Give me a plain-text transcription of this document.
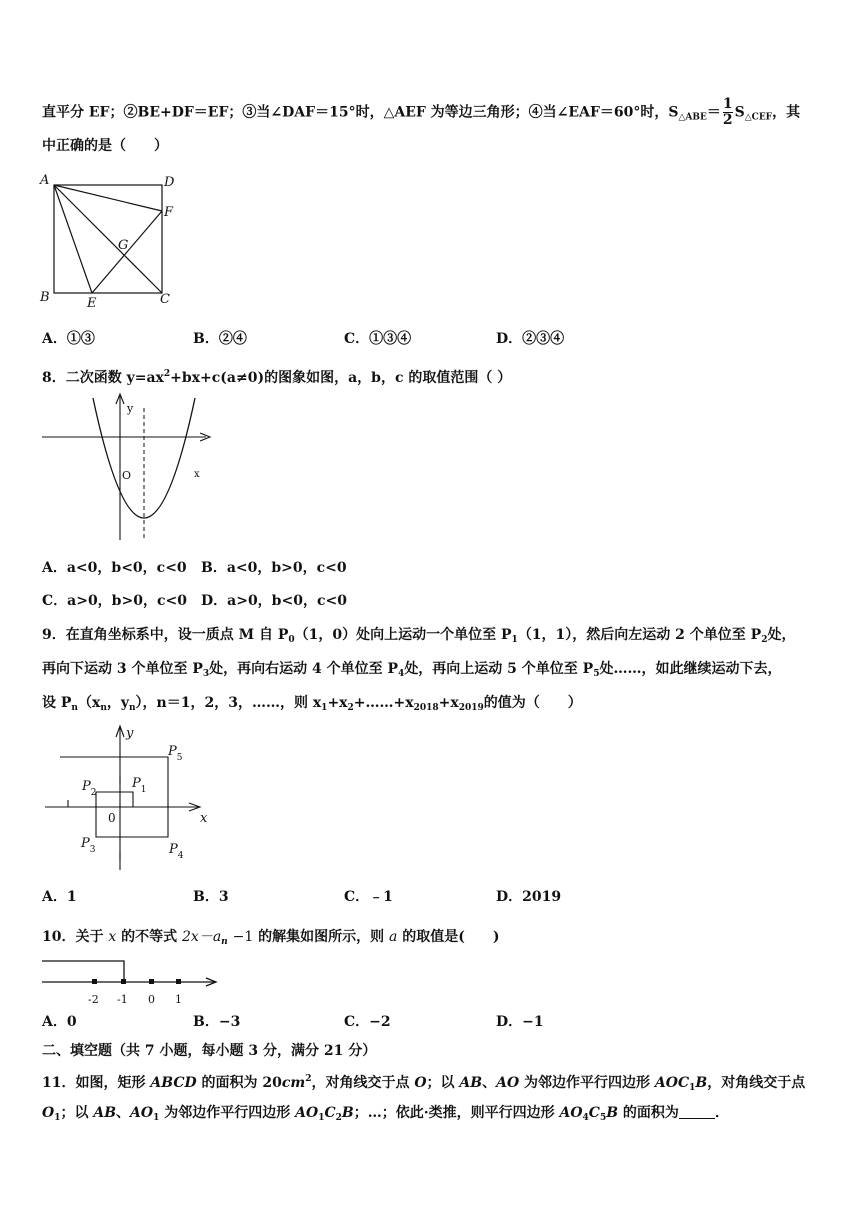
直平分 EF；②BE+DF＝EF；③当∠DAF＝15°时，△AEF 为等边三角形；④当∠EAF＝60°时，$S_{\triangle ABE}= \frac{1}{2} S_{\triangle CEF}$，其
中正确的是（　　）
A	D
F
G
B	E	C
y
x
O
y
x
0
$P_5$
$P_2$
$P_1$
$P_3$	$P_4$
-2 -1 0 1
A．①③	B．②④	C．①③④	D．②③④
8．二次函数 $y=ax^2+bx+c(a\ne 0)$的图象如图，a，b，c 的取值范围（ ）
A．a<0，b<0，c<0 B．a<0，b>0，c<0
C．a>0，b>0，c<0 D．a>0，b<0，c<0
9．在直角坐标系中，设一质点 M 自 $P_0(1$，0）处向上运动一个单位至 $P_1(1$，1），然后向左运动 2 个单位至 $P_2$处，
再向下运动 3 个单位至 $P_3$处，再向右运动 4 个单位至 $P_4$处，再向上运动 5 个单位至 $P_5$处……，如此继续运动下去，
设 $P_n(x_n$，$y_n$），n＝1，2，3，……，则 $x_1+x_2+\dots\dots+x_{2018}+x_{2019}$的值为（　　）
A．1	B．3	C．﹣1	D．2019
10．关于 x 的不等式 $2x-a_n -1$ 的解集如图所示，则 a 的取值是(　　)
A．0	B．−3	C．−2	D．−1
二、填空题（共 7 小题，每小题 3 分，满分 21 分）
11．如图，矩形 ABCD 的面积为 $20cm^2$，对角线交于点 O；以 AB、AO 为邻边作平行四边形 $AOC_1B$，对角线交于点
$O_1$；以 AB、$AO_1$ 为邻边作平行四边形 $AO_1C_2B$；…；依此·类推，则平行四边形 $AO_4C_5B$ 的面积为	．
